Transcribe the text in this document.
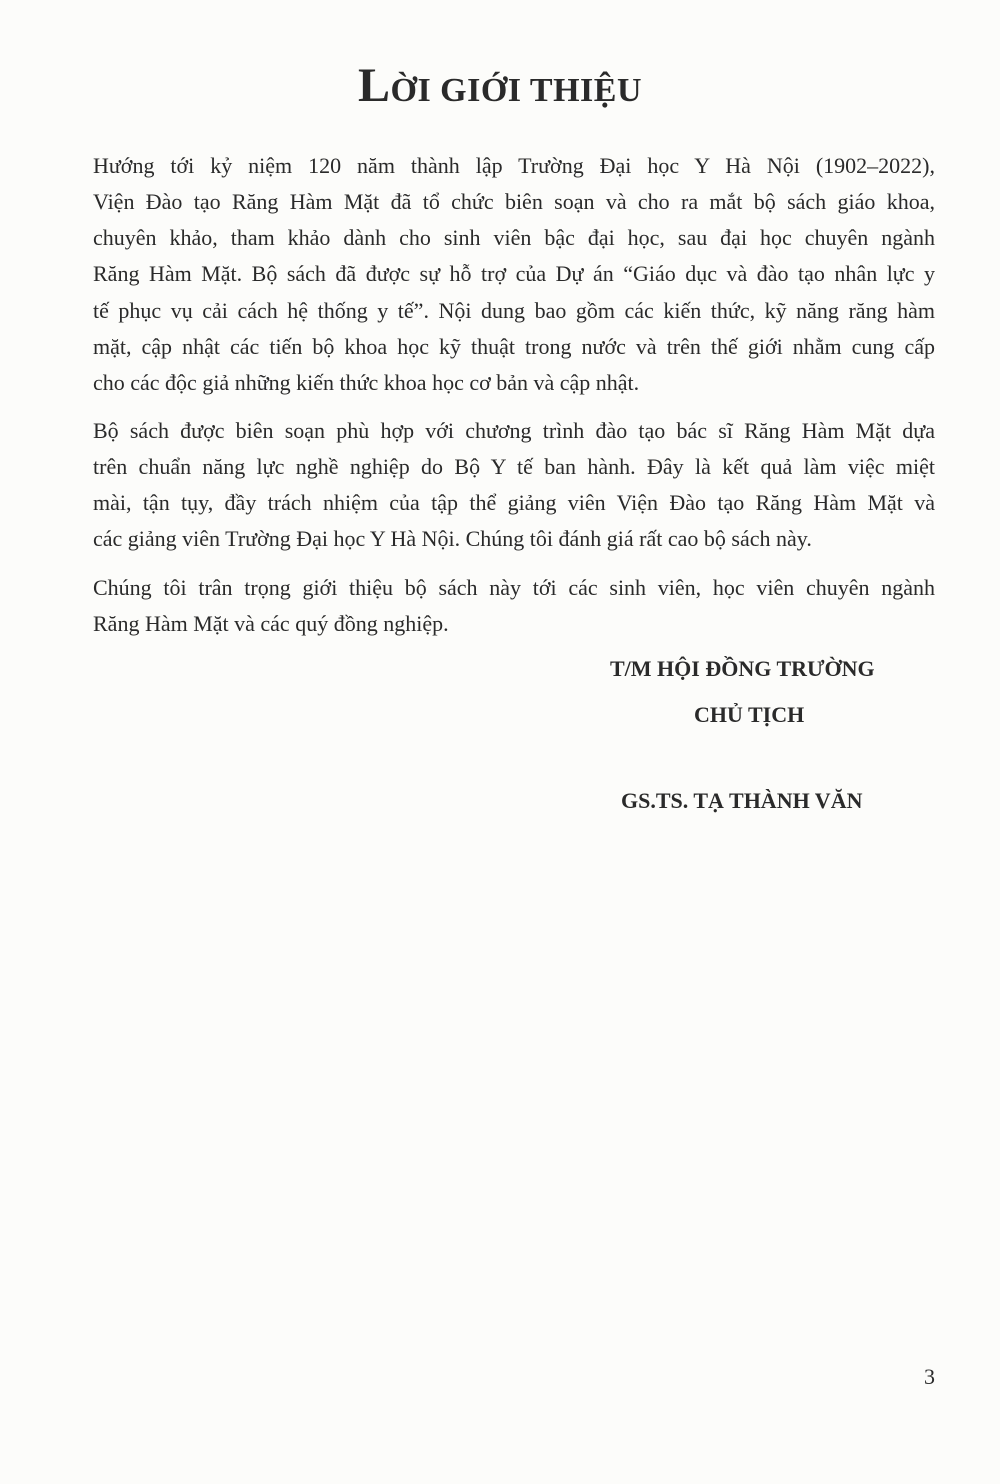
LỜI GIỚI THIỆU
Hướng tới kỷ niệm 120 năm thành lập Trường Đại học Y Hà Nội (1902–2022),
Viện Đào tạo Răng Hàm Mặt đã tổ chức biên soạn và cho ra mắt bộ sách giáo khoa,
chuyên khảo, tham khảo dành cho sinh viên bậc đại học, sau đại học chuyên ngành
Răng Hàm Mặt. Bộ sách đã được sự hỗ trợ của Dự án “Giáo dục và đào tạo nhân lực y
tế phục vụ cải cách hệ thống y tế”. Nội dung bao gồm các kiến thức, kỹ năng răng hàm
mặt, cập nhật các tiến bộ khoa học kỹ thuật trong nước và trên thế giới nhằm cung cấp
cho các độc giả những kiến thức khoa học cơ bản và cập nhật.
Bộ sách được biên soạn phù hợp với chương trình đào tạo bác sĩ Răng Hàm Mặt dựa
trên chuẩn năng lực nghề nghiệp do Bộ Y tế ban hành. Đây là kết quả làm việc miệt
mài, tận tụy, đầy trách nhiệm của tập thể giảng viên Viện Đào tạo Răng Hàm Mặt và
các giảng viên Trường Đại học Y Hà Nội. Chúng tôi đánh giá rất cao bộ sách này.
Chúng tôi trân trọng giới thiệu bộ sách này tới các sinh viên, học viên chuyên ngành
Răng Hàm Mặt và các quý đồng nghiệp.
T/M HỘI ĐỒNG TRƯỜNG
CHỦ TỊCH
GS.TS. TẠ THÀNH VĂN
3
